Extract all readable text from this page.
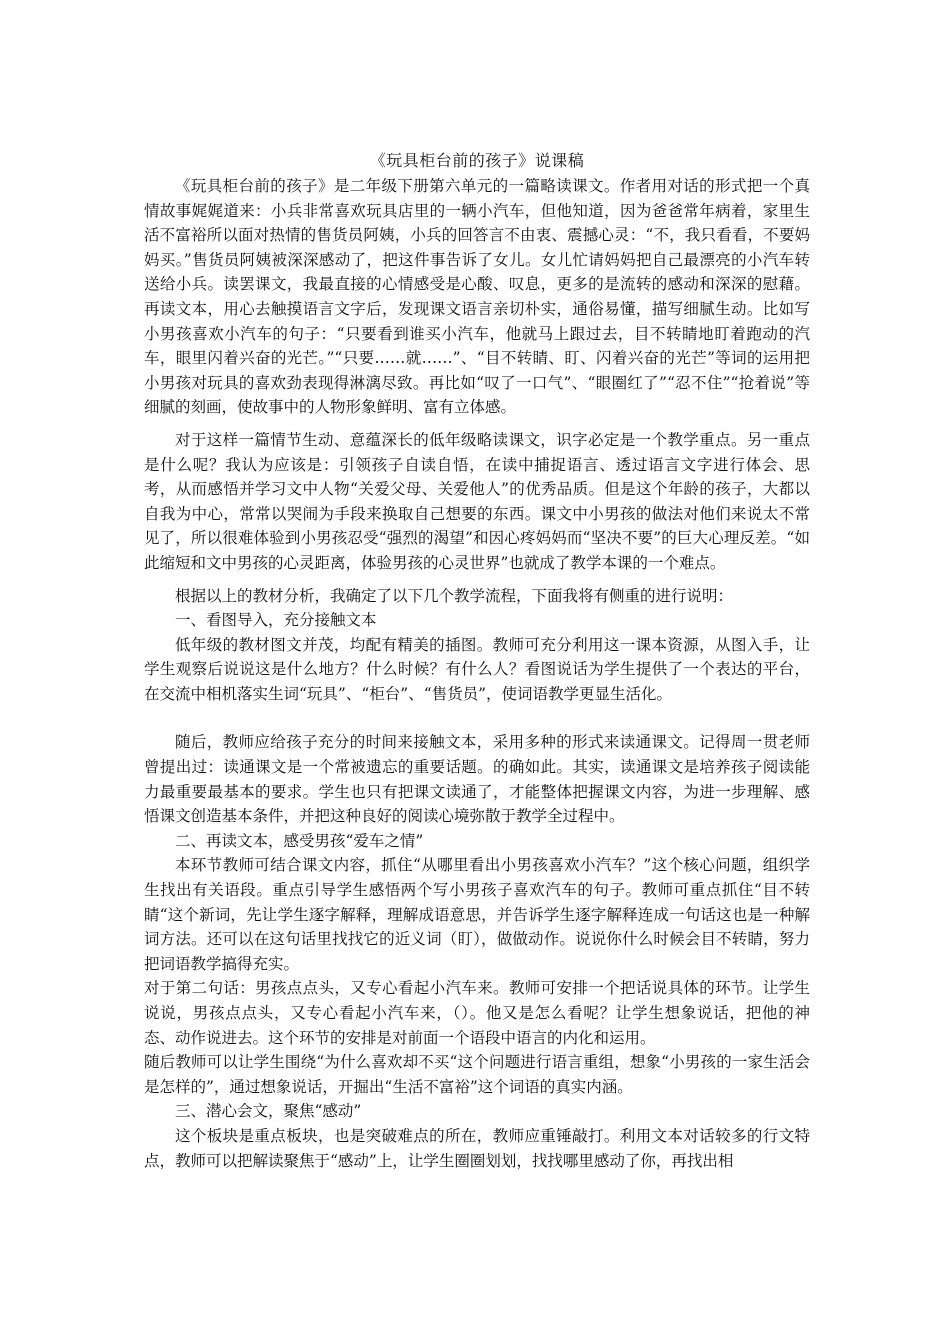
《玩具柜台前的孩子》说课稿

《玩具柜台前的孩子》是二年级下册第六单元的一篇略读课文。作者用对话的形式把一个真情故事娓娓道来：小兵非常喜欢玩具店里的一辆小汽车，但他知道，因为爸爸常年病着，家里生活不富裕所以面对热情的售货员阿姨，小兵的回答言不由衷、震撼心灵：“不，我只看看，不要妈妈买。”售货员阿姨被深深感动了，把这件事告诉了女儿。女儿忙请妈妈把自己最漂亮的小汽车转送给小兵。读罢课文，我最直接的心情感受是心酸、叹息，更多的是流转的感动和深深的慰藉。再读文本，用心去触摸语言文字后，发现课文语言亲切朴实，通俗易懂，描写细腻生动。比如写小男孩喜欢小汽车的句子：“只要看到谁买小汽车，他就马上跟过去，目不转睛地盯着跑动的汽车，眼里闪着兴奋的光芒。”“只要……就……”、“目不转睛、盯、闪着兴奋的光芒”等词的运用把小男孩对玩具的喜欢劲表现得淋漓尽致。再比如“叹了一口气”、“眼圈红了”“忍不住”“抢着说”等细腻的刻画，使故事中的人物形象鲜明、富有立体感。

对于这样一篇情节生动、意蕴深长的低年级略读课文，识字必定是一个教学重点。另一重点是什么呢？我认为应该是：引领孩子自读自悟，在读中捕捉语言、透过语言文字进行体会、思考，从而感悟并学习文中人物“关爱父母、关爱他人”的优秀品质。但是这个年龄的孩子，大都以自我为中心，常常以哭闹为手段来换取自己想要的东西。课文中小男孩的做法对他们来说太不常见了，所以很难体验到小男孩忍受“强烈的渴望”和因心疼妈妈而“坚决不要”的巨大心理反差。“如此缩短和文中男孩的心灵距离，体验男孩的心灵世界”也就成了教学本课的一个难点。

根据以上的教材分析，我确定了以下几个教学流程，下面我将有侧重的进行说明：

一、看图导入，充分接触文本

低年级的教材图文并茂，均配有精美的插图。教师可充分利用这一课本资源，从图入手，让学生观察后说说这是什么地方？什么时候？有什么人？看图说话为学生提供了一个表达的平台，在交流中相机落实生词“玩具”、“柜台”、“售货员”，使词语教学更显生活化。

随后，教师应给孩子充分的时间来接触文本，采用多种的形式来读通课文。记得周一贯老师曾提出过：读通课文是一个常被遗忘的重要话题。的确如此。其实，读通课文是培养孩子阅读能力最重要最基本的要求。学生也只有把课文读通了，才能整体把握课文内容，为进一步理解、感悟课文创造基本条件，并把这种良好的阅读心境弥散于教学全过程中。

二、再读文本，感受男孩“爱车之情”

本环节教师可结合课文内容，抓住“从哪里看出小男孩喜欢小汽车？”这个核心问题，组织学生找出有关语段。重点引导学生感悟两个写小男孩子喜欢汽车的句子。教师可重点抓住“目不转睛“这个新词，先让学生逐字解释，理解成语意思，并告诉学生逐字解释连成一句话这也是一种解词方法。还可以在这句话里找找它的近义词（盯），做做动作。说说你什么时候会目不转睛，努力把词语教学搞得充实。

对于第二句话：男孩点点头，又专心看起小汽车来。教师可安排一个把话说具体的环节。让学生说说，男孩点点头，又专心看起小汽车来，（）。他又是怎么看呢？让学生想象说话，把他的神态、动作说进去。这个环节的安排是对前面一个语段中语言的内化和运用。

随后教师可以让学生围绕“为什么喜欢却不买“这个问题进行语言重组，想象“小男孩的一家生活会是怎样的”，通过想象说话，开掘出“生活不富裕”这个词语的真实内涵。

三、潜心会文，聚焦“感动”

这个板块是重点板块，也是突破难点的所在，教师应重锤敲打。利用文本对话较多的行文特点，教师可以把解读聚焦于“感动”上，让学生圈圈划划，找找哪里感动了你，再找出相
